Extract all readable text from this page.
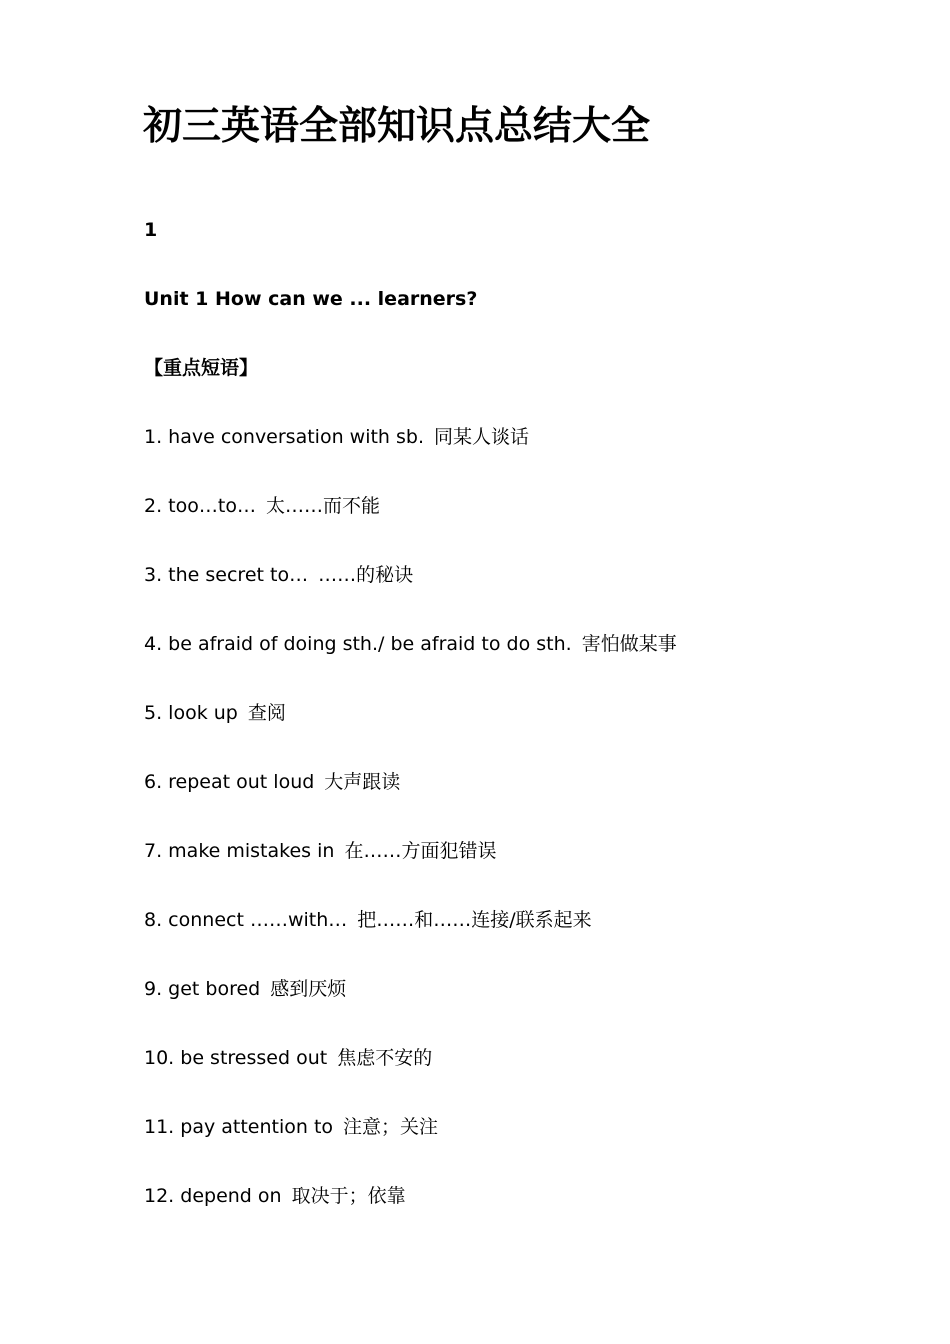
初三英语全部知识点总结大全
1
Unit 1 How can we ... learners?
【重点短语】
1. have conversation with sb. 同某人谈话
2. too…to… 太……而不能
3. the secret to… ……的秘诀
4. be afraid of doing sth./ be afraid to do sth. 害怕做某事
5. look up 查阅
6. repeat out loud 大声跟读
7. make mistakes in 在……方面犯错误
8. connect ……with… 把……和……连接/联系起来
9. get bored 感到厌烦
10. be stressed out 焦虑不安的
11. pay attention to 注意；关注
12. depend on 取决于；依靠
